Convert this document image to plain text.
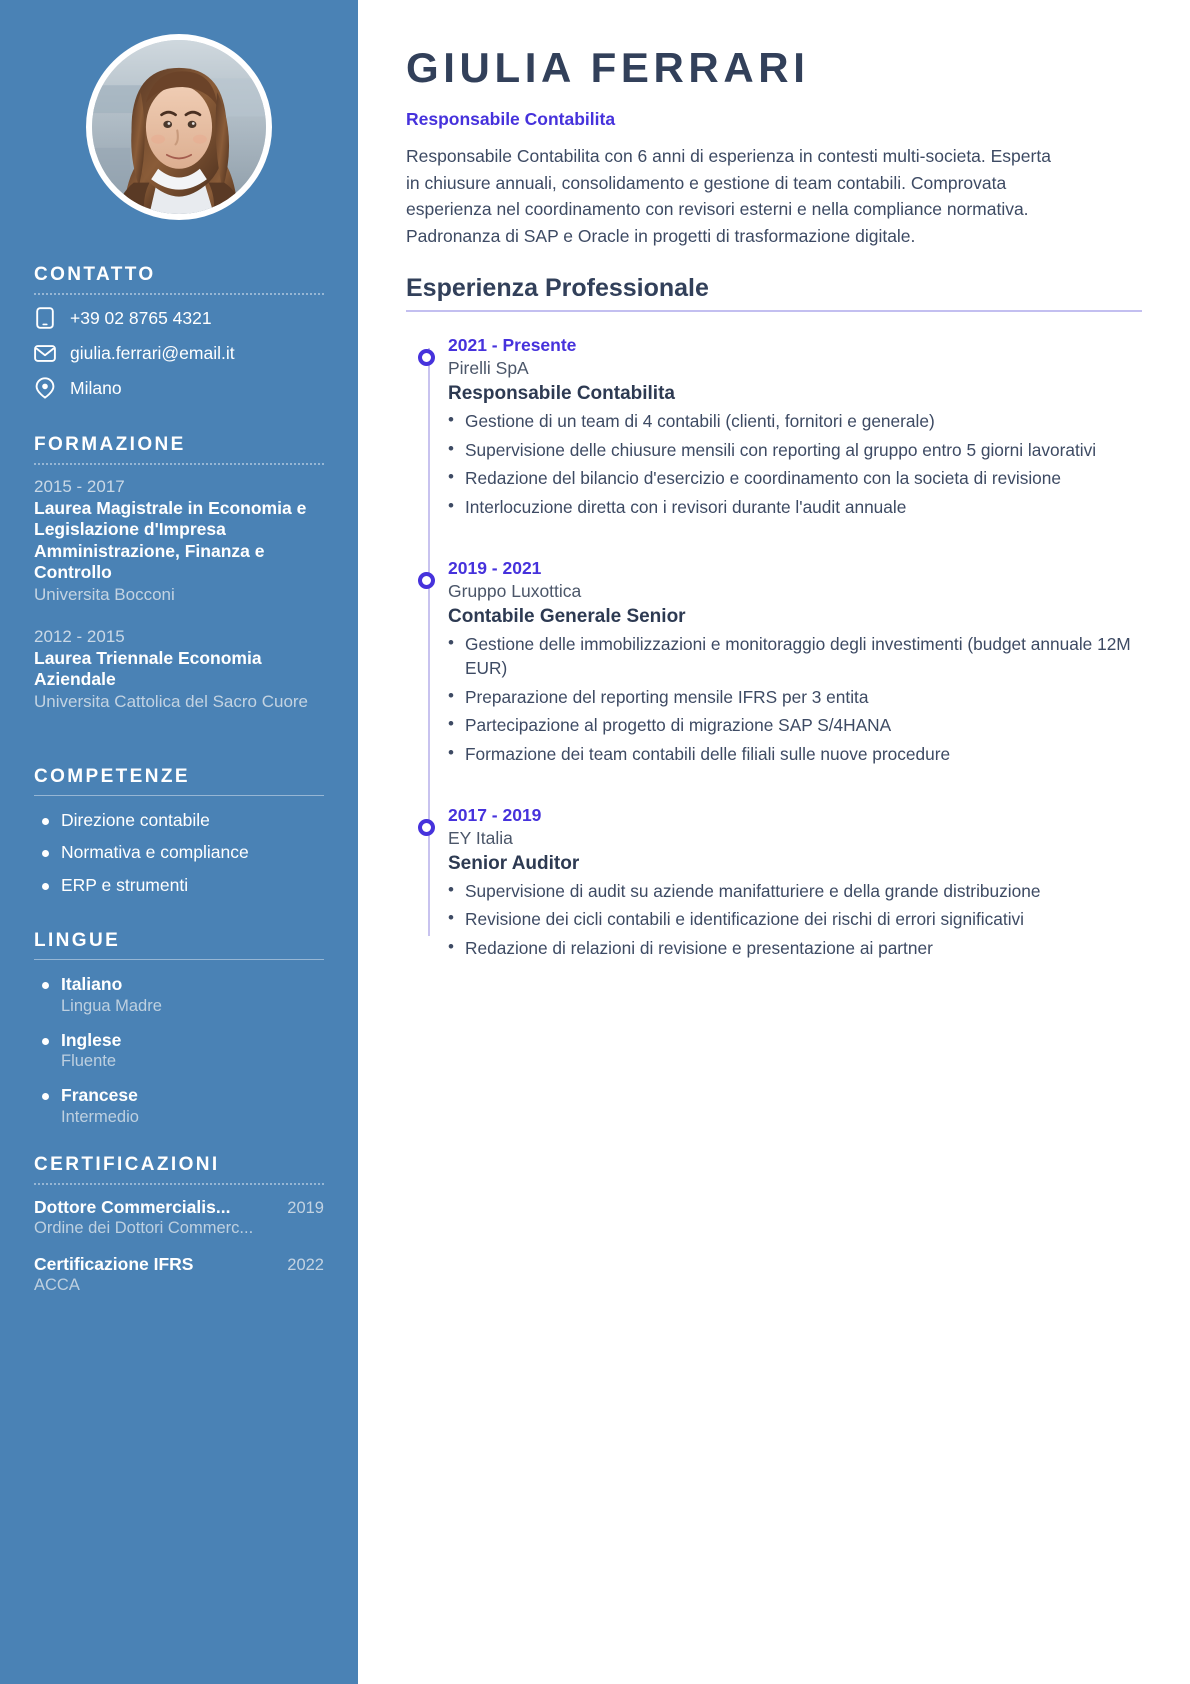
CONTATTO
+39 02 8765 4321
giulia.ferrari@email.it
Milano
FORMAZIONE
2015 - 2017
Laurea Magistrale in Economia e Legislazione d'Impresa Amministrazione, Finanza e Controllo
Universita Bocconi
2012 - 2015
Laurea Triennale Economia Aziendale
Universita Cattolica del Sacro Cuore
COMPETENZE
Direzione contabile
Normativa e compliance
ERP e strumenti
LINGUE
Italiano
Lingua Madre
Inglese
Fluente
Francese
Intermedio
CERTIFICAZIONI
Dottore Commercialis...	2019
Ordine dei Dottori Commerc...
Certificazione IFRS	2022
ACCA
GIULIA FERRARI
Responsabile Contabilita

Responsabile Contabilita con 6 anni di esperienza in contesti multi-societa. Esperta in chiusure annuali, consolidamento e gestione di team contabili. Comprovata esperienza nel coordinamento con revisori esterni e nella compliance normativa. Padronanza di SAP e Oracle in progetti di trasformazione digitale.

Esperienza Professionale
2021 - Presente
Pirelli SpA
Responsabile Contabilita
• Gestione di un team di 4 contabili (clienti, fornitori e generale)
• Supervisione delle chiusure mensili con reporting al gruppo entro 5 giorni lavorativi
• Redazione del bilancio d'esercizio e coordinamento con la societa di revisione
• Interlocuzione diretta con i revisori durante l'audit annuale
2019 - 2021
Gruppo Luxottica
Contabile Generale Senior
• Gestione delle immobilizzazioni e monitoraggio degli investimenti (budget annuale 12M EUR)
• Preparazione del reporting mensile IFRS per 3 entita
• Partecipazione al progetto di migrazione SAP S/4HANA
• Formazione dei team contabili delle filiali sulle nuove procedure
2017 - 2019
EY Italia
Senior Auditor
• Supervisione di audit su aziende manifatturiere e della grande distribuzione
• Revisione dei cicli contabili e identificazione dei rischi di errori significativi
• Redazione di relazioni di revisione e presentazione ai partner
